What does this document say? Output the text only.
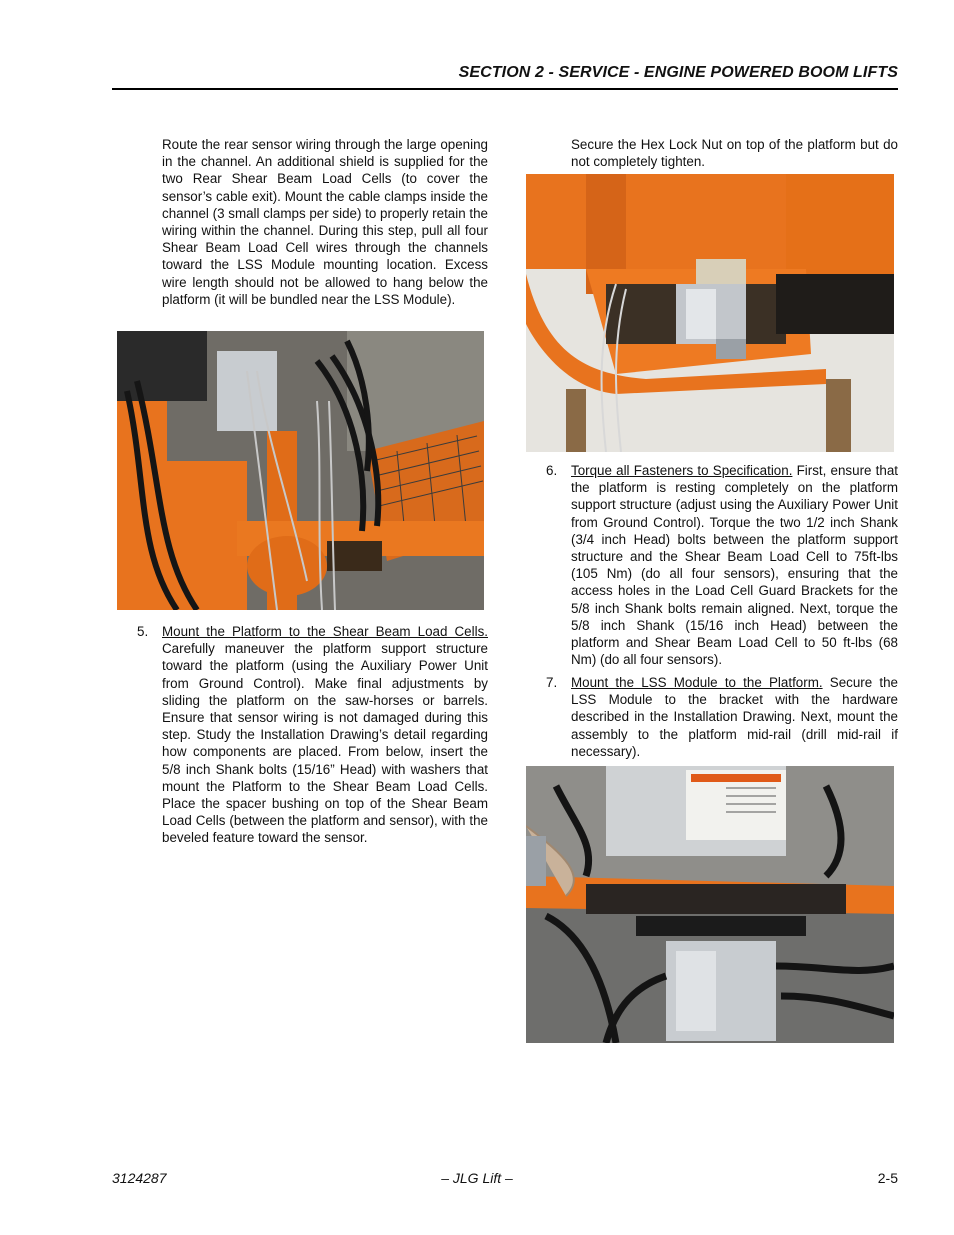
SECTION 2 - SERVICE - ENGINE POWERED BOOM LIFTS

Route the rear sensor wiring through the large opening in the channel. An additional shield is supplied for the two Rear Shear Beam Load Cells (to cover the sensor’s cable exit). Mount the cable clamps inside the channel (3 small clamps per side) to properly retain the wiring within the channel. During this step, pull all four Shear Beam Load Cell wires through the channels toward the LSS Module mounting location. Excess wire length should not be allowed to hang below the platform (it will be bundled near the LSS Module).

5. Mount the Platform to the Shear Beam Load Cells. Carefully maneuver the platform support structure toward the platform (using the Auxiliary Power Unit from Ground Control). Make final adjustments by sliding the platform on the saw-horses or barrels. Ensure that sensor wiring is not damaged during this step. Study the Installation Drawing’s detail regarding how components are placed. From below, insert the 5/8 inch Shank bolts (15/16” Head) with washers that mount the Platform to the Shear Beam Load Cells. Place the spacer bushing on top of the Shear Beam Load Cells (between the platform and sensor), with the beveled feature toward the sensor.

Secure the Hex Lock Nut on top of the platform but do not completely tighten.

6. Torque all Fasteners to Specification. First, ensure that the platform is resting completely on the platform support structure (adjust using the Auxiliary Power Unit from Ground Control). Torque the two 1/2 inch Shank (3/4 inch Head) bolts between the platform support structure and the Shear Beam Load Cell to 75ft-lbs (105 Nm) (do all four sensors), ensuring that the access holes in the Load Cell Guard Brackets for the 5/8 inch Shank bolts remain aligned. Next, torque the 5/8 inch Shank (15/16 inch Head) between the platform and Shear Beam Load Cell to 50 ft-lbs (68 Nm) (do all four sensors).
7. Mount the LSS Module to the Platform. Secure the LSS Module to the bracket with the hardware described in the Installation Drawing. Next, mount the assembly to the platform mid-rail (drill mid-rail if necessary).
3124287	– JLG Lift –	2-5
